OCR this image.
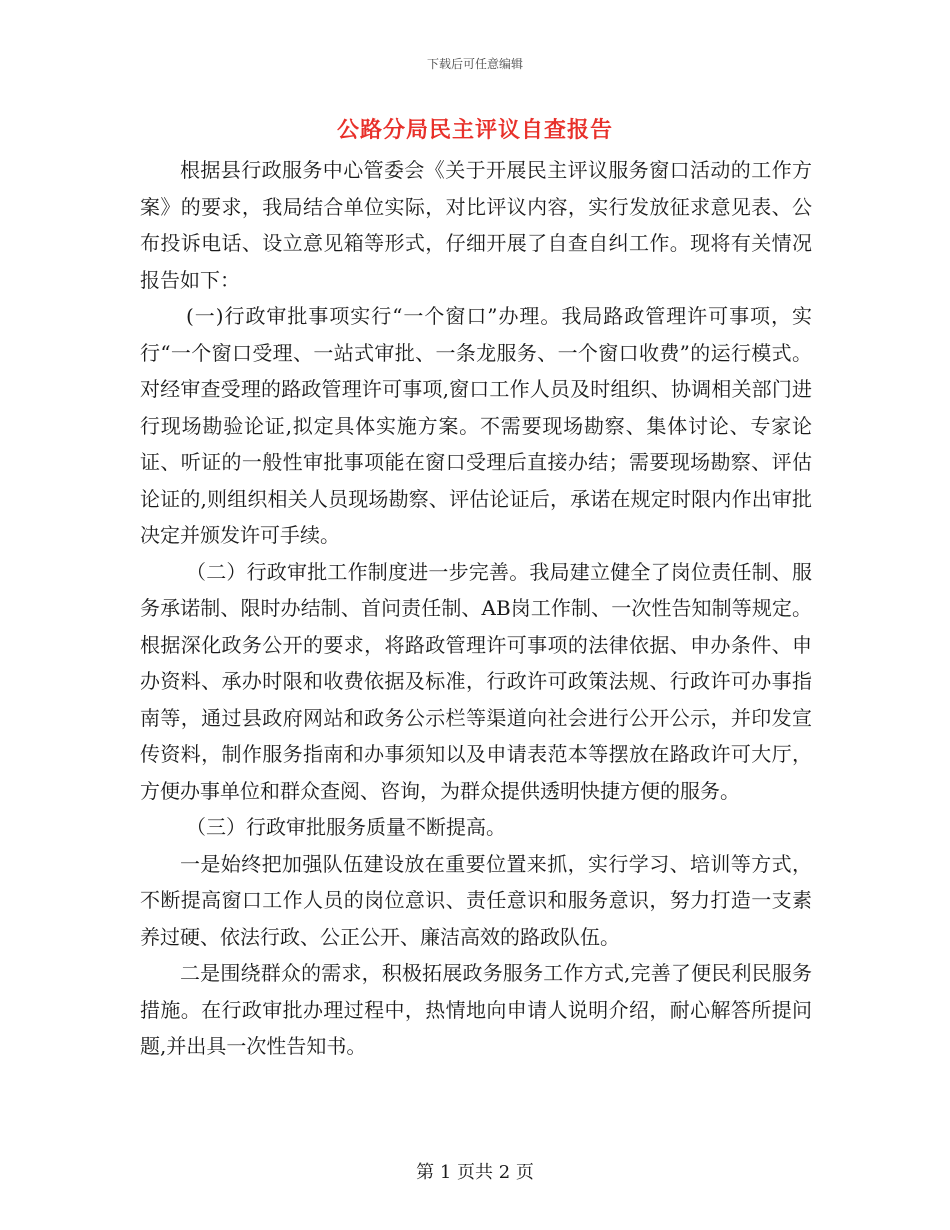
下载后可任意编辑
公路分局民主评议自查报告

根据县行政服务中心管委会《关于开展民主评议服务窗口活动的工作方案》的要求，我局结合单位实际，对比评议内容，实行发放征求意见表、公布投诉电话、设立意见箱等形式，仔细开展了自查自纠工作。现将有关情况报告如下：

(一)行政审批事项实行“一个窗口”办理。我局路政管理许可事项，实行“一个窗口受理、一站式审批、一条龙服务、一个窗口收费”的运行模式。对经审查受理的路政管理许可事项,窗口工作人员及时组织、协调相关部门进行现场勘验论证,拟定具体实施方案。不需要现场勘察、集体讨论、专家论证、听证的一般性审批事项能在窗口受理后直接办结；需要现场勘察、评估论证的,则组织相关人员现场勘察、评估论证后，承诺在规定时限内作出审批决定并颁发许可手续。

（二）行政审批工作制度进一步完善。我局建立健全了岗位责任制、服务承诺制、限时办结制、首问责任制、AB岗工作制、一次性告知制等规定。根据深化政务公开的要求，将路政管理许可事项的法律依据、申办条件、申办资料、承办时限和收费依据及标准，行政许可政策法规、行政许可办事指南等，通过县政府网站和政务公示栏等渠道向社会进行公开公示，并印发宣传资料，制作服务指南和办事须知以及申请表范本等摆放在路政许可大厅，方便办事单位和群众查阅、咨询，为群众提供透明快捷方便的服务。

（三）行政审批服务质量不断提高。

一是始终把加强队伍建设放在重要位置来抓，实行学习、培训等方式，不断提高窗口工作人员的岗位意识、责任意识和服务意识，努力打造一支素养过硬、依法行政、公正公开、廉洁高效的路政队伍。

二是围绕群众的需求，积极拓展政务服务工作方式,完善了便民利民服务措施。在行政审批办理过程中，热情地向申请人说明介绍，耐心解答所提问题,并出具一次性告知书。

第 1 页共 2 页
